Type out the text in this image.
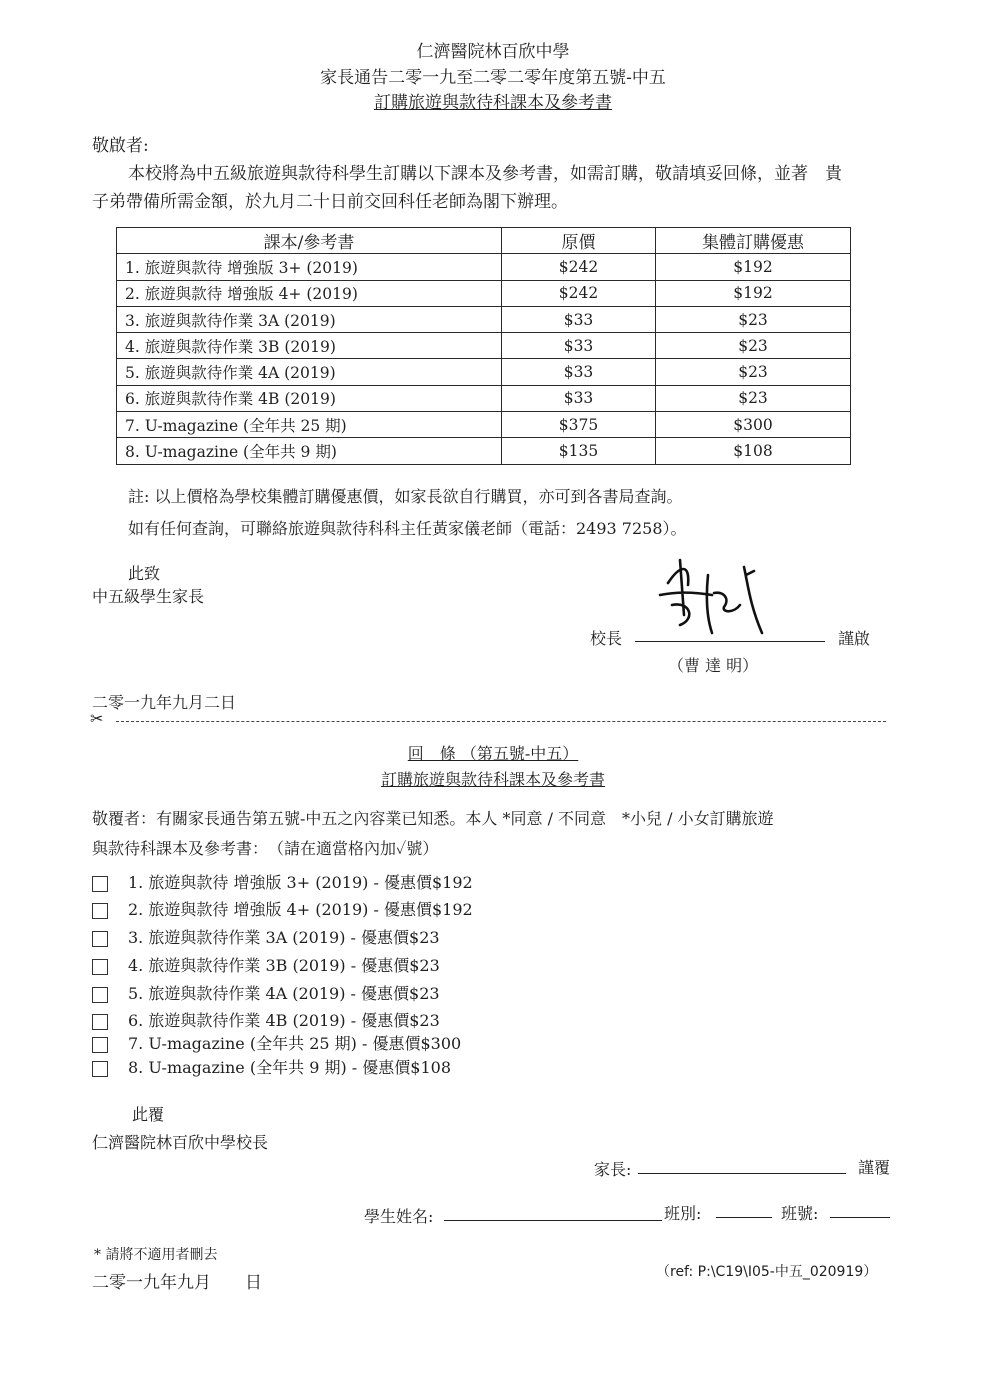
仁濟醫院林百欣中學
家長通告二零一九至二零二零年度第五號-中五
訂購旅遊與款待科課本及參考書
敬啟者:
本校將為中五級旅遊與款待科學生訂購以下課本及參考書，如需訂購，敬請填妥回條，並著　貴
子弟帶備所需金額，於九月二十日前交回科任老師為閣下辦理。
課本/參考書	原價	集體訂購優惠
1. 旅遊與款待 增強版 3+ (2019)	$242	$192
2. 旅遊與款待 增強版 4+ (2019)	$242	$192
3. 旅遊與款待作業 3A (2019)	$33	$23
4. 旅遊與款待作業 3B (2019)	$33	$23
5. 旅遊與款待作業 4A (2019)	$33	$23
6. 旅遊與款待作業 4B (2019)	$33	$23
7. U-magazine (全年共 25 期)	$375	$300
8. U-magazine (全年共 9 期)	$135	$108
註: 以上價格為學校集體訂購優惠價，如家長欲自行購買，亦可到各書局查詢。
如有任何查詢，可聯絡旅遊與款待科科主任黃家儀老師（電話：2493 7258）。
此致
中五級學生家長
校長	謹啟
（曹 達 明）
二零一九年九月二日
✂
回　條 （第五號-中五）
訂購旅遊與款待科課本及參考書
敬覆者：有關家長通告第五號-中五之內容業已知悉。本人 *同意 / 不同意　*小兒 / 小女訂購旅遊
與款待科課本及參考書：　（請在適當格內加✓號）
1. 旅遊與款待 增強版 3+ (2019) - 優惠價$192
2. 旅遊與款待 增強版 4+ (2019) - 優惠價$192
3. 旅遊與款待作業 3A (2019) - 優惠價$23
4. 旅遊與款待作業 3B (2019) - 優惠價$23
5. 旅遊與款待作業 4A (2019) - 優惠價$23
6. 旅遊與款待作業 4B (2019) - 優惠價$23
7. U-magazine (全年共 25 期) - 優惠價$300
8. U-magazine (全年共 9 期) - 優惠價$108
此覆
仁濟醫院林百欣中學校長
家長:	謹覆
學生姓名:	班別:	班號:
* 請將不適用者刪去
二零一九年九月　　日
（ref: P:\C19\I05-中五_020919）
